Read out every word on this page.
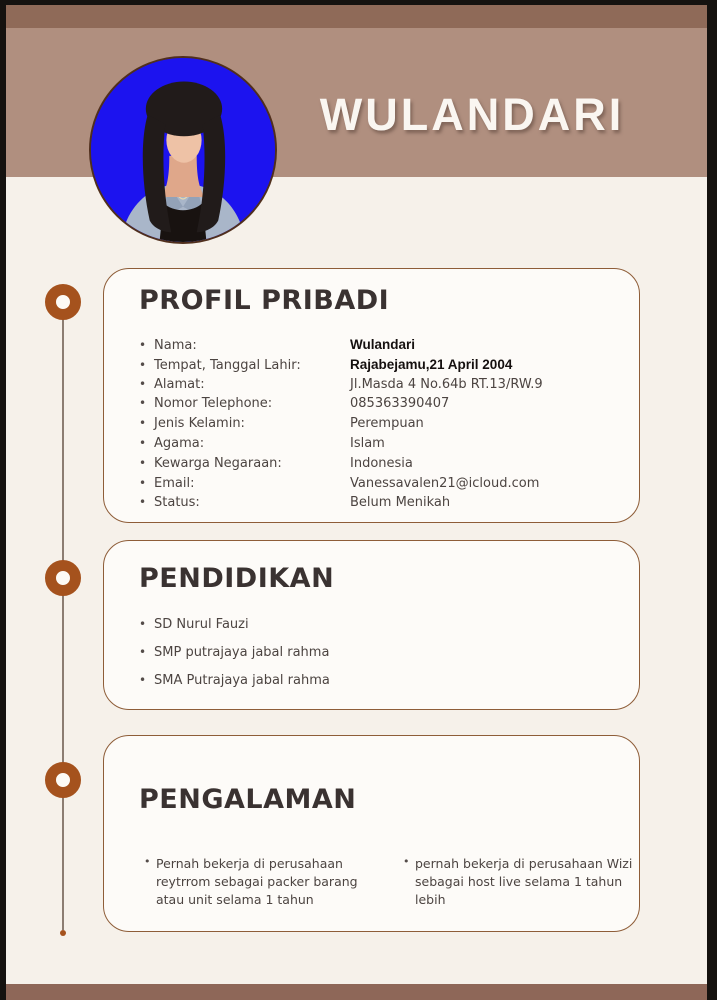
WULANDARI
PROFIL PRIBADI
• Nama:	Wulandari
• Tempat, Tanggal Lahir:	Rajabejamu,21 April 2004
• Alamat:	Jl.Masda 4 No.64b RT.13/RW.9
• Nomor Telephone:	085363390407
• Jenis Kelamin:	Perempuan
• Agama:	Islam
• Kewarga Negaraan:	Indonesia
• Email:	Vanessavalen21@icloud.com
• Status:	Belum Menikah
PENDIDIKAN
• SD Nurul Fauzi
• SMP putrajaya jabal rahma
• SMA Putrajaya jabal rahma
PENGALAMAN
• Pernah bekerja di perusahaan reytrrom sebagai packer barang atau unit selama 1 tahun
• pernah bekerja di perusahaan Wizi sebagai host live selama 1 tahun lebih
